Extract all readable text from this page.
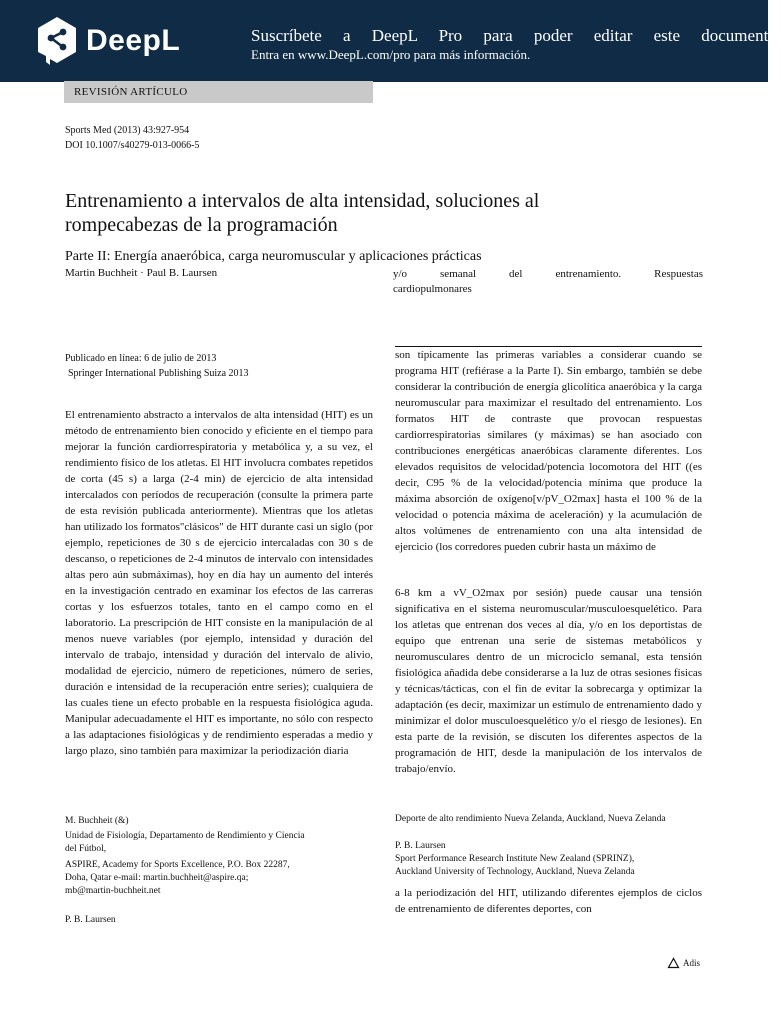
DeepL	Suscríbete a DeepL Pro para poder editar este documento.
Entra en www.DeepL.com/pro para más información.
REVISIÓN ARTÍCULO
Sports Med (2013) 43:927-954
DOI 10.1007/s40279-013-0066-5
Entrenamiento a intervalos de alta intensidad, soluciones al
rompecabezas de la programación
Parte II: Energía anaeróbica, carga neuromuscular y aplicaciones prácticas
Martin Buchheit · Paul B. Laursen	y/o	semanal	del	entrenamiento.	Respuestas
cardiopulmonares
Publicado en línea: 6 de julio de 2013
Springer International Publishing Suiza 2013
El entrenamiento abstracto a intervalos de alta intensidad (HIT) es un método de entrenamiento bien conocido y eficiente en el tiempo para mejorar la función cardiorrespiratoria y metabólica y, a su vez, el rendimiento físico de los atletas. El HIT involucra combates repetidos de corta (45 s) a larga (2-4 min) de ejercicio de alta intensidad intercalados con períodos de recuperación (consulte la primera parte de esta revisión publicada anteriormente). Mientras que los atletas han utilizado los formatos"clásicos" de HIT durante casi un siglo (por ejemplo, repeticiones de 30 s de ejercicio intercaladas con 30 s de descanso, o repeticiones de 2-4 minutos de intervalo con intensidades altas pero aún submáximas), hoy en día hay un aumento del interés en la investigación centrado en examinar los efectos de las carreras cortas y los esfuerzos totales, tanto en el campo como en el laboratorio. La prescripción de HIT consiste en la manipulación de al menos nueve variables (por ejemplo, intensidad y duración del intervalo de trabajo, intensidad y duración del intervalo de alivio, modalidad de ejercicio, número de repeticiones, número de series, duración e intensidad de la recuperación entre series); cualquiera de las cuales tiene un efecto probable en la respuesta fisiológica aguda. Manipular adecuadamente el HIT es importante, no sólo con respecto a las adaptaciones fisiológicas y de rendimiento esperadas a medio y largo plazo, sino también para maximizar la periodización diaria
M. Buchheit (&)
Unidad de Fisiología, Departamento de Rendimiento y Ciencia
del Fútbol,
ASPIRE, Academy for Sports Excellence, P.O. Box 22287,
Doha, Qatar e-mail: martin.buchheit@aspire.qa;
mb@martin-buchheit.net
P. B. Laursen
son típicamente las primeras variables a considerar cuando se programa HIT (refiérase a la Parte I). Sin embargo, también se debe considerar la contribución de energía glicolítica anaeróbica y la carga neuromuscular para maximizar el resultado del entrenamiento. Los formatos HIT de contraste que provocan respuestas cardiorrespiratorias similares (y máximas) se han asociado con contribuciones energéticas anaeróbicas claramente diferentes. Los elevados requisitos de velocidad/potencia locomotora del HIT ((es decir, C95 % de la velocidad/potencia mínima que produce la máxima absorción de oxígeno[v/pV_O2max] hasta el 100 % de la velocidad o potencia máxima de aceleración) y la acumulación de altos volúmenes de entrenamiento con una alta intensidad de ejercicio (los corredores pueden cubrir hasta un máximo de
6-8 km a vV_O2max por sesión) puede causar una tensión significativa en el sistema neuromuscular/musculoesquelético. Para los atletas que entrenan dos veces al día, y/o en los deportistas de equipo que entrenan una serie de sistemas metabólicos y neuromusculares dentro de un microciclo semanal, esta tensión fisiológica añadida debe considerarse a la luz de otras sesiones físicas y técnicas/tácticas, con el fin de evitar la sobrecarga y optimizar la adaptación (es decir, maximizar un estímulo de entrenamiento dado y minimizar el dolor musculoesquelético y/o el riesgo de lesiones). En esta parte de la revisión, se discuten los diferentes aspectos de la programación de HIT, desde la manipulación de los intervalos de trabajo/envío.
Deporte de alto rendimiento Nueva Zelanda, Auckland, Nueva Zelanda
P. B. Laursen
Sport Performance Research Institute New Zealand (SPRINZ),
Auckland University of Technology, Auckland, Nueva Zelanda
a la periodización del HIT, utilizando diferentes ejemplos de ciclos de entrenamiento de diferentes deportes, con
Adis
